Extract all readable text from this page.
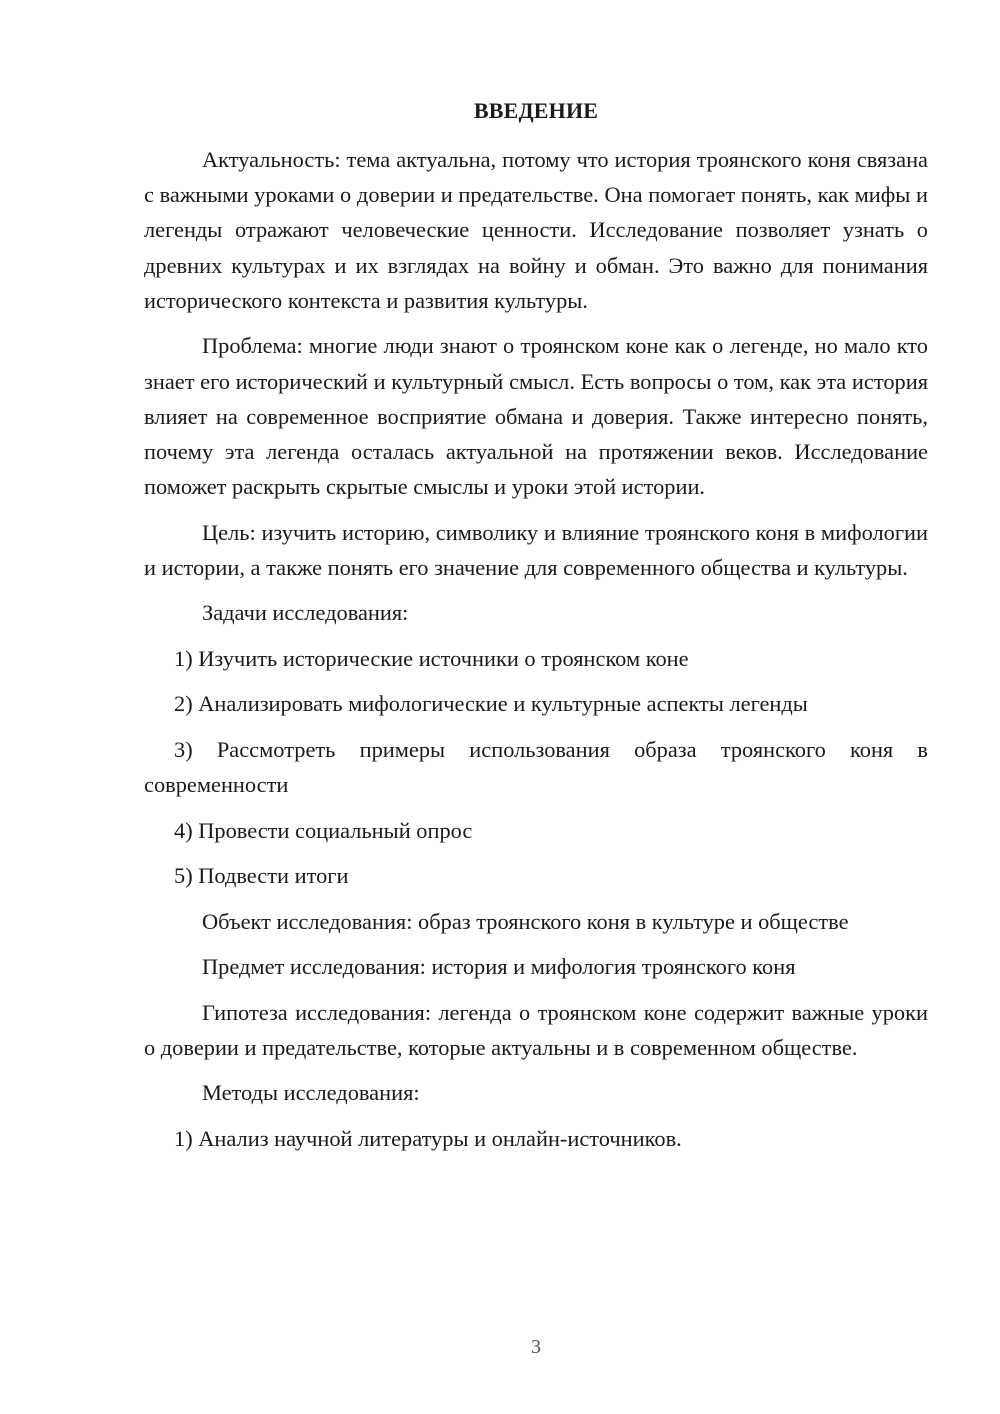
ВВЕДЕНИЕ

Актуальность: тема актуальна, потому что история троянского коня связана с важными уроками о доверии и предательстве. Она помогает понять, как мифы и легенды отражают человеческие ценности. Исследование позволяет узнать о древних культурах и их взглядах на войну и обман. Это важно для понимания исторического контекста и развития культуры.

Проблема: многие люди знают о троянском коне как о легенде, но мало кто знает его исторический и культурный смысл. Есть вопросы о том, как эта история влияет на современное восприятие обмана и доверия. Также интересно понять, почему эта легенда осталась актуальной на протяжении веков. Исследование поможет раскрыть скрытые смыслы и уроки этой истории.

Цель: изучить историю, символику и влияние троянского коня в мифологии и истории, а также понять его значение для современного общества и культуры.

Задачи исследования:

1) Изучить исторические источники о троянском коне

2) Анализировать мифологические и культурные аспекты легенды

3) Рассмотреть примеры использования образа троянского коня в современности

4) Провести социальный опрос

5) Подвести итоги

Объект исследования: образ троянского коня в культуре и обществе

Предмет исследования: история и мифология троянского коня

Гипотеза исследования: легенда о троянском коне содержит важные уроки о доверии и предательстве, которые актуальны и в современном обществе.

Методы исследования:

1) Анализ научной литературы и онлайн-источников.

3
